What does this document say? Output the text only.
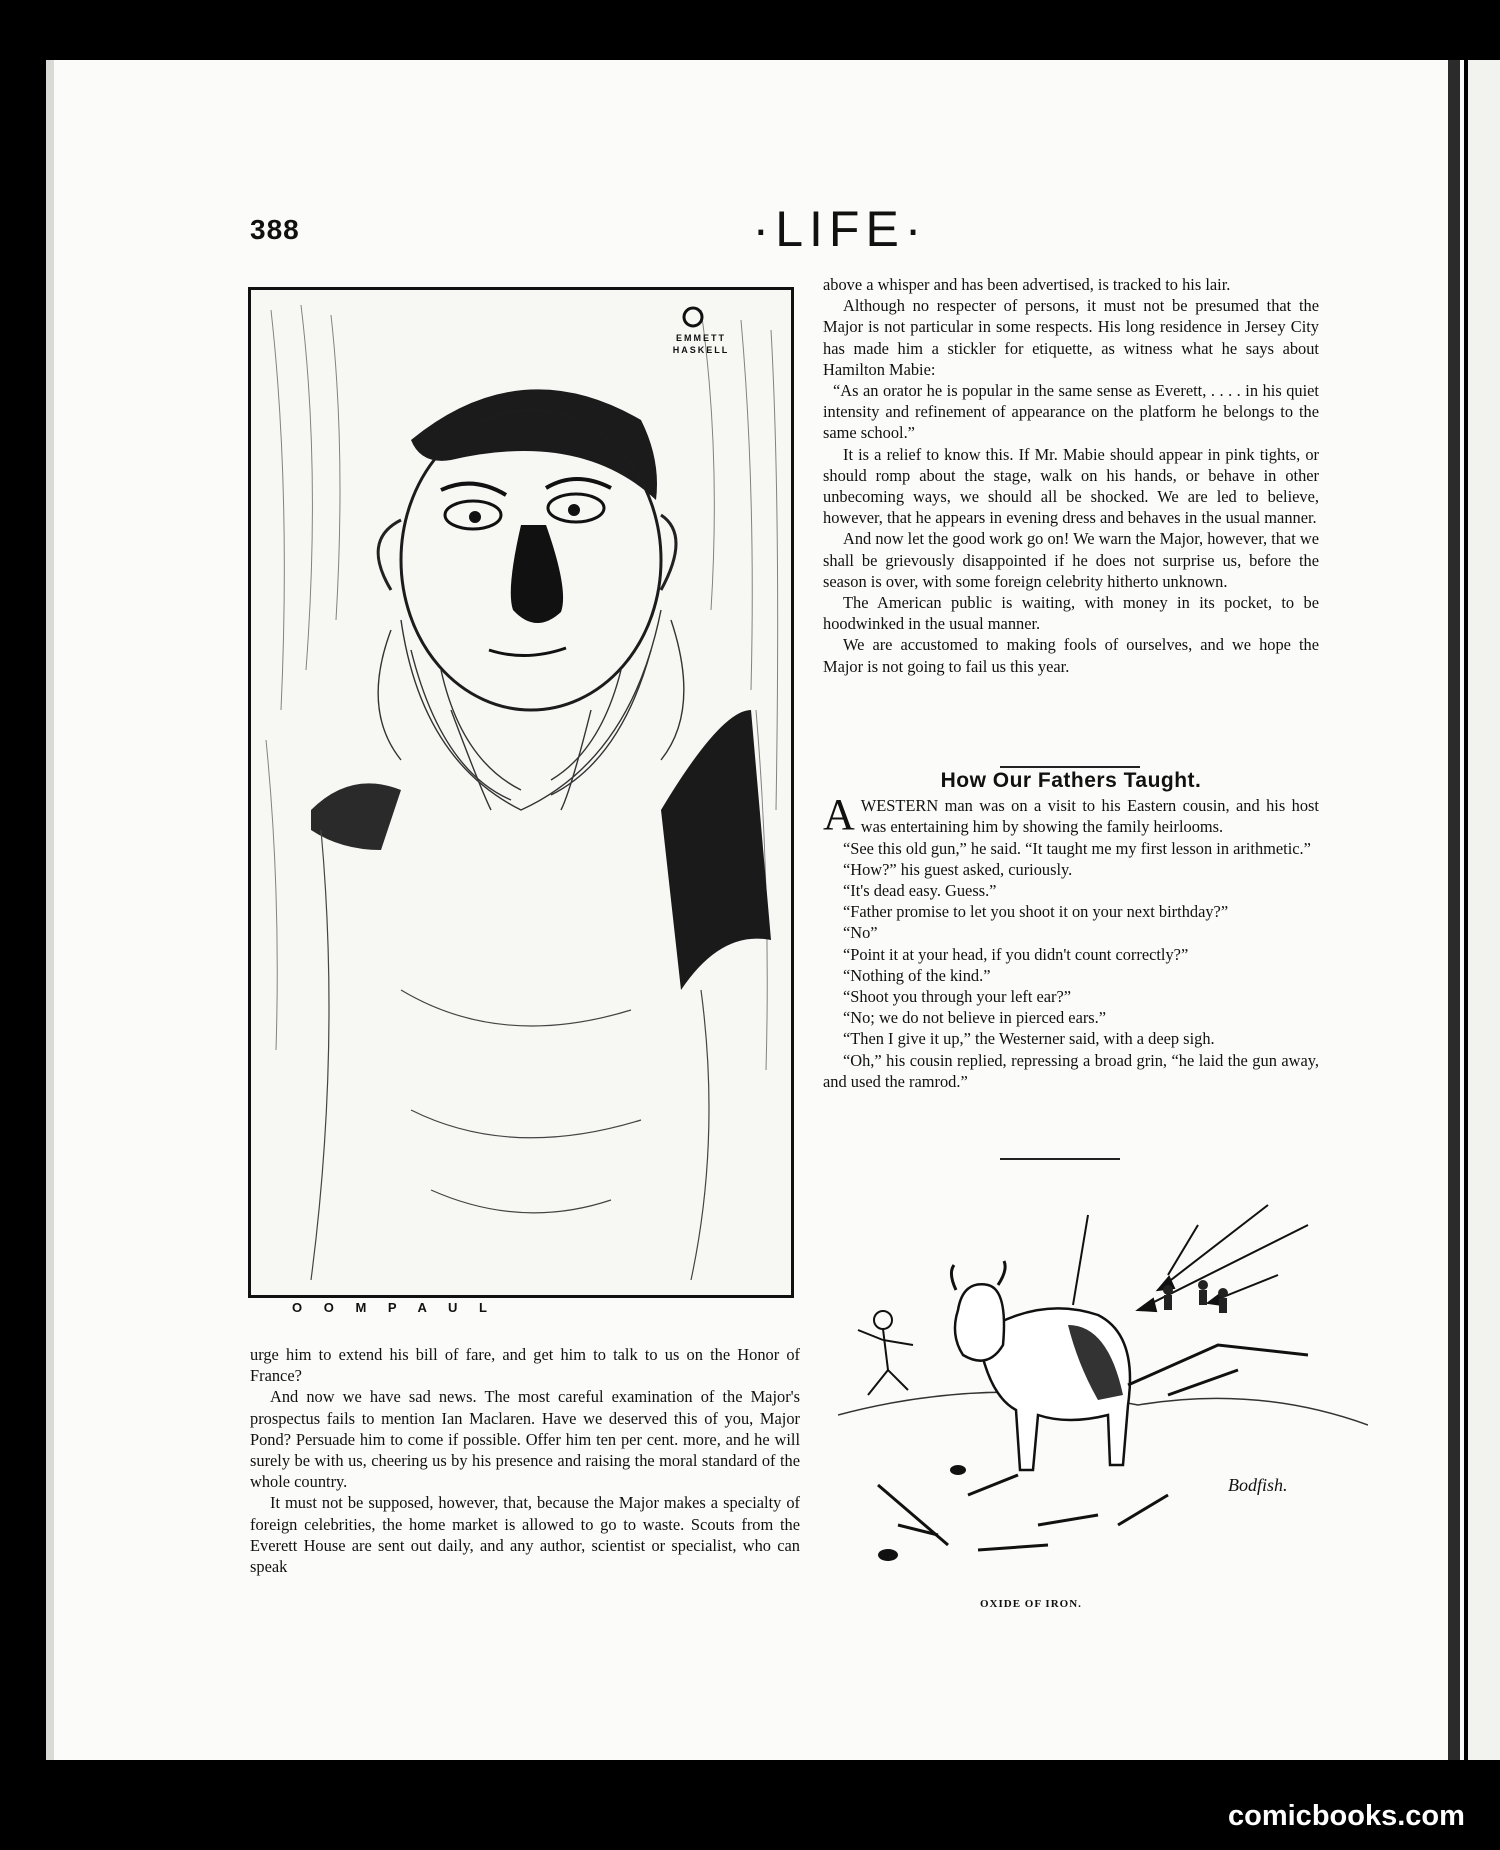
388	·LIFE·
EMMETT HASKELL
O O M P A U L

urge him to extend his bill of fare, and get him to talk to us on the Honor of France?

And now we have sad news. The most careful examination of the Major's prospectus fails to mention Ian Maclaren. Have we deserved this of you, Major Pond? Persuade him to come if possible. Offer him ten per cent. more, and he will surely be with us, cheering us by his presence and raising the moral standard of the whole country.

It must not be supposed, however, that, because the Major makes a specialty of foreign celebrities, the home market is allowed to go to waste. Scouts from the Everett House are sent out daily, and any author, scientist or specialist, who can speak

above a whisper and has been advertised, is tracked to his lair.

Although no respecter of persons, it must not be presumed that the Major is not particular in some respects. His long residence in Jersey City has made him a stickler for etiquette, as witness what he says about Hamilton Mabie:

“As an orator he is popular in the same sense as Everett, . . . . in his quiet intensity and refinement of appearance on the platform he belongs to the same school.”

It is a relief to know this. If Mr. Mabie should appear in pink tights, or should romp about the stage, walk on his hands, or behave in other unbecoming ways, we should all be shocked. We are led to believe, however, that he appears in evening dress and behaves in the usual manner.

And now let the good work go on! We warn the Major, however, that we shall be grievously disappointed if he does not surprise us, before the season is over, with some foreign celebrity hitherto unknown.

The American public is waiting, with money in its pocket, to be hoodwinked in the usual manner.

We are accustomed to making fools of ourselves, and we hope the Major is not going to fail us this year.

How Our Fathers Taught.

A WESTERN man was on a visit to his Eastern cousin, and his host was entertaining him by showing the family heirlooms.

“See this old gun,” he said. “It taught me my first lesson in arithmetic.”

“How?” his guest asked, curiously.

“It's dead easy. Guess.”

“Father promise to let you shoot it on your next birthday?”

“No”

“Point it at your head, if you didn't count correctly?”

“Nothing of the kind.”

“Shoot you through your left ear?”

“No; we do not believe in pierced ears.”

“Then I give it up,” the Westerner said, with a deep sigh.

“Oh,” his cousin replied, repressing a broad grin, “he laid the gun away, and used the ramrod.”

Bodfish.
OXIDE OF IRON.
comicbooks.com
